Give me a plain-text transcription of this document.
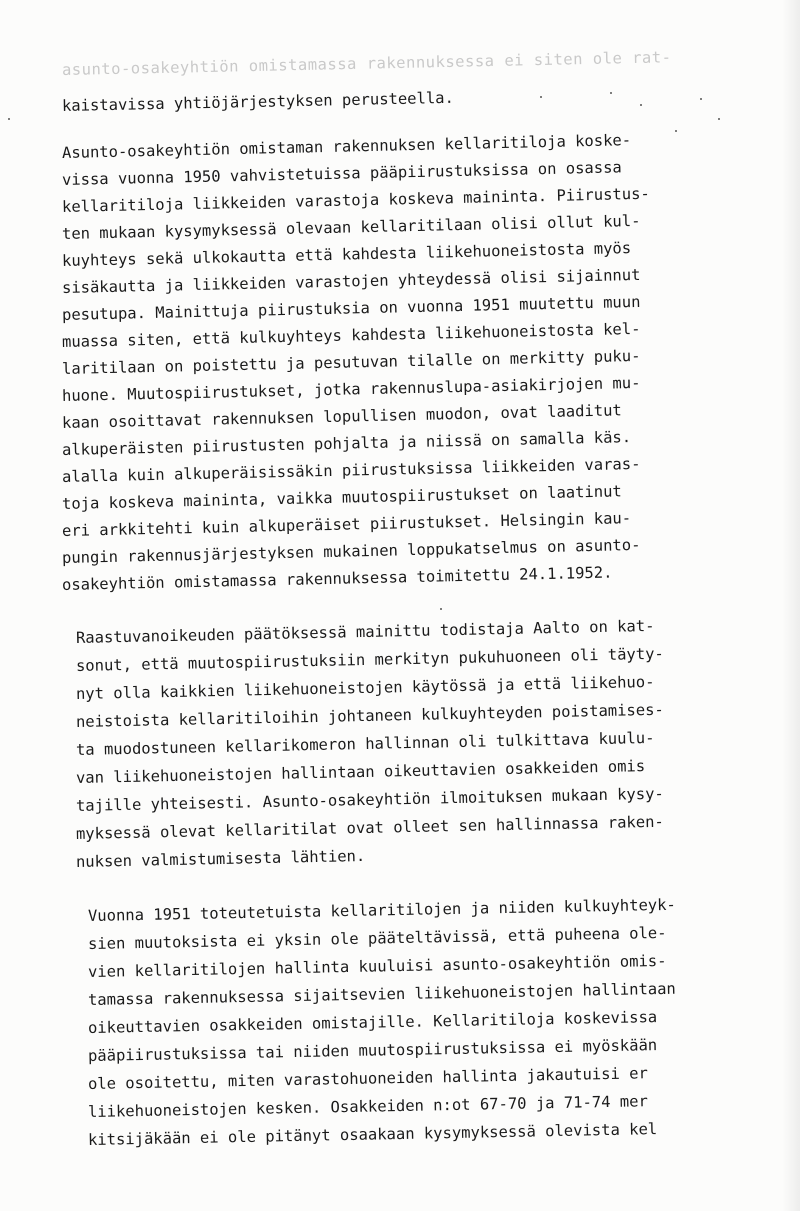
asunto-osakeyhtiön omistamassa rakennuksessa ei siten ole rat-
kaistavissa yhtiöjärjestyksen perusteella.
Asunto-osakeyhtiön omistaman rakennuksen kellaritiloja koske-
vissa vuonna 1950 vahvistetuissa pääpiirustuksissa on osassa
kellaritiloja liikkeiden varastoja koskeva maininta. Piirustus-
ten mukaan kysymyksessä olevaan kellaritilaan olisi ollut kul-
kuyhteys sekä ulkokautta että kahdesta liikehuoneistosta myös
sisäkautta ja liikkeiden varastojen yhteydessä olisi sijainnut
pesutupa. Mainittuja piirustuksia on vuonna 1951 muutettu muun
muassa siten, että kulkuyhteys kahdesta liikehuoneistosta kel-
laritilaan on poistettu ja pesutuvan tilalle on merkitty puku-
huone. Muutospiirustukset, jotka rakennuslupa-asiakirjojen mu-
kaan osoittavat rakennuksen lopullisen muodon, ovat laaditut
alkuperäisten piirustusten pohjalta ja niissä on samalla käs.
alalla kuin alkuperäisissäkin piirustuksissa liikkeiden varas-
toja koskeva maininta, vaikka muutospiirustukset on laatinut
eri arkkitehti kuin alkuperäiset piirustukset. Helsingin kau-
pungin rakennusjärjestyksen mukainen loppukatselmus on asunto-
osakeyhtiön omistamassa rakennuksessa toimitettu 24.1.1952.
Raastuvanoikeuden päätöksessä mainittu todistaja Aalto on kat-
sonut, että muutospiirustuksiin merkityn pukuhuoneen oli täyty-
nyt olla kaikkien liikehuoneistojen käytössä ja että liikehuo-
neistoista kellaritiloihin johtaneen kulkuyhteyden poistamises-
ta muodostuneen kellarikomeron hallinnan oli tulkittava kuulu-
van liikehuoneistojen hallintaan oikeuttavien osakkeiden omis
tajille yhteisesti. Asunto-osakeyhtiön ilmoituksen mukaan kysy-
myksessä olevat kellaritilat ovat olleet sen hallinnassa raken-
nuksen valmistumisesta lähtien.
Vuonna 1951 toteutetuista kellaritilojen ja niiden kulkuyhteyk-
sien muutoksista ei yksin ole pääteltävissä, että puheena ole-
vien kellaritilojen hallinta kuuluisi asunto-osakeyhtiön omis-
tamassa rakennuksessa sijaitsevien liikehuoneistojen hallintaan
oikeuttavien osakkeiden omistajille. Kellaritiloja koskevissa
pääpiirustuksissa tai niiden muutospiirustuksissa ei myöskään
ole osoitettu, miten varastohuoneiden hallinta jakautuisi er
liikehuoneistojen kesken. Osakkeiden n:ot 67-70 ja 71-74 mer
kitsijäkään ei ole pitänyt osaakaan kysymyksessä olevista kel
